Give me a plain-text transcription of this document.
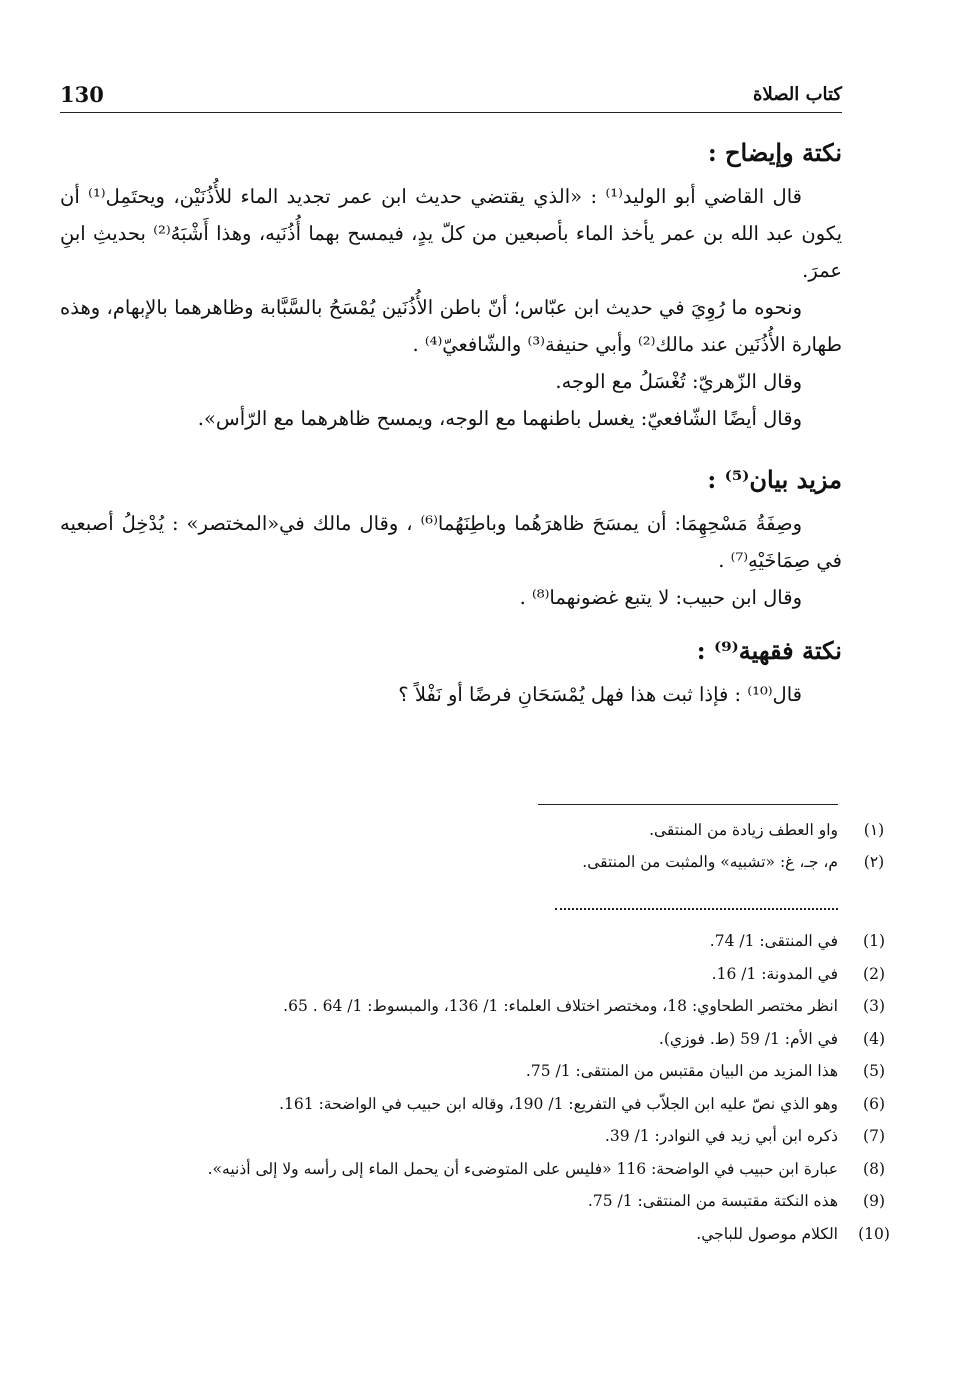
130	كتاب الصلاة
نكتة وإيضاح :

قال القاضي أبو الوليد⁽¹⁾ : «الذي يقتضي حديث ابن عمر تجديد الماء للأُذُنَيْن، ويحتَمِل⁽¹⁾ أن يكون عبد الله بن عمر يأخذ الماء بأصبعين من كلّ يدٍ، فيمسح بهما أُذُنَيه، وهذا أَشْبَهُ⁽²⁾ بحديثِ ابنِ عمرَ.

ونحوه ما رُوِيَ في حديث ابن عبّاس؛ أنّ باطن الأُذُنَين يُمْسَحُ بالسَّبَّابة وظاهرهما بالإبهام، وهذه طهارة الأُذُنَين عند مالك⁽²⁾ وأبي حنيفة⁽³⁾ والشّافعيّ⁽⁴⁾ .

وقال الزّهريّ: تُغْسَلُ مع الوجه.

وقال أيضًا الشّافعيّ: يغسل باطنهما مع الوجه، ويمسح ظاهرهما مع الرّأس».

مزيد بيان⁽⁵⁾ :

وصِفَةُ مَسْحِهِمَا: أن يمسَحَ ظاهرَهُما وباطِنَهُما⁽⁶⁾ ، وقال مالك في«المختصر» : يُدْخِلُ أصبعيه في صِمَاخَيْهِ⁽⁷⁾ .

وقال ابن حبيب: لا يتبع غضونهما⁽⁸⁾ .

نكتة فقهية⁽⁹⁾ :

قال⁽¹⁰⁾ : فإذا ثبت هذا فهل يُمْسَحَانِ فرضًا أو نَفْلاً ؟

(١)
واو العطف زيادة من المنتقى.
(٢)
م، جـ، غ: «تشبيه» والمثبت من المنتقى.
(1)
في المنتقى: 1/ 74.
(2)
في المدونة: 1/ 16.
(3)
انظر مختصر الطحاوي: 18، ومختصر اختلاف العلماء: 1/ 136، والمبسوط: 1/ 64 . 65.
(4)
في الأم: 1/ 59 (ط. فوزي).
(5)
هذا المزيد من البيان مقتبس من المنتقى: 1/ 75.
(6)
وهو الذي نصّ عليه ابن الجلاّب في التفريع: 1/ 190، وقاله ابن حبيب في الواضحة: 161.
(7)
ذكره ابن أبي زيد في النوادر: 1/ 39.
(8)
عبارة ابن حبيب في الواضحة: 116 «فليس على المتوضىء أن يحمل الماء إلى رأسه ولا إلى أذنيه».
(9)
هذه النكتة مقتبسة من المنتقى: 1/ 75.
(10)
الكلام موصول للباجي.
